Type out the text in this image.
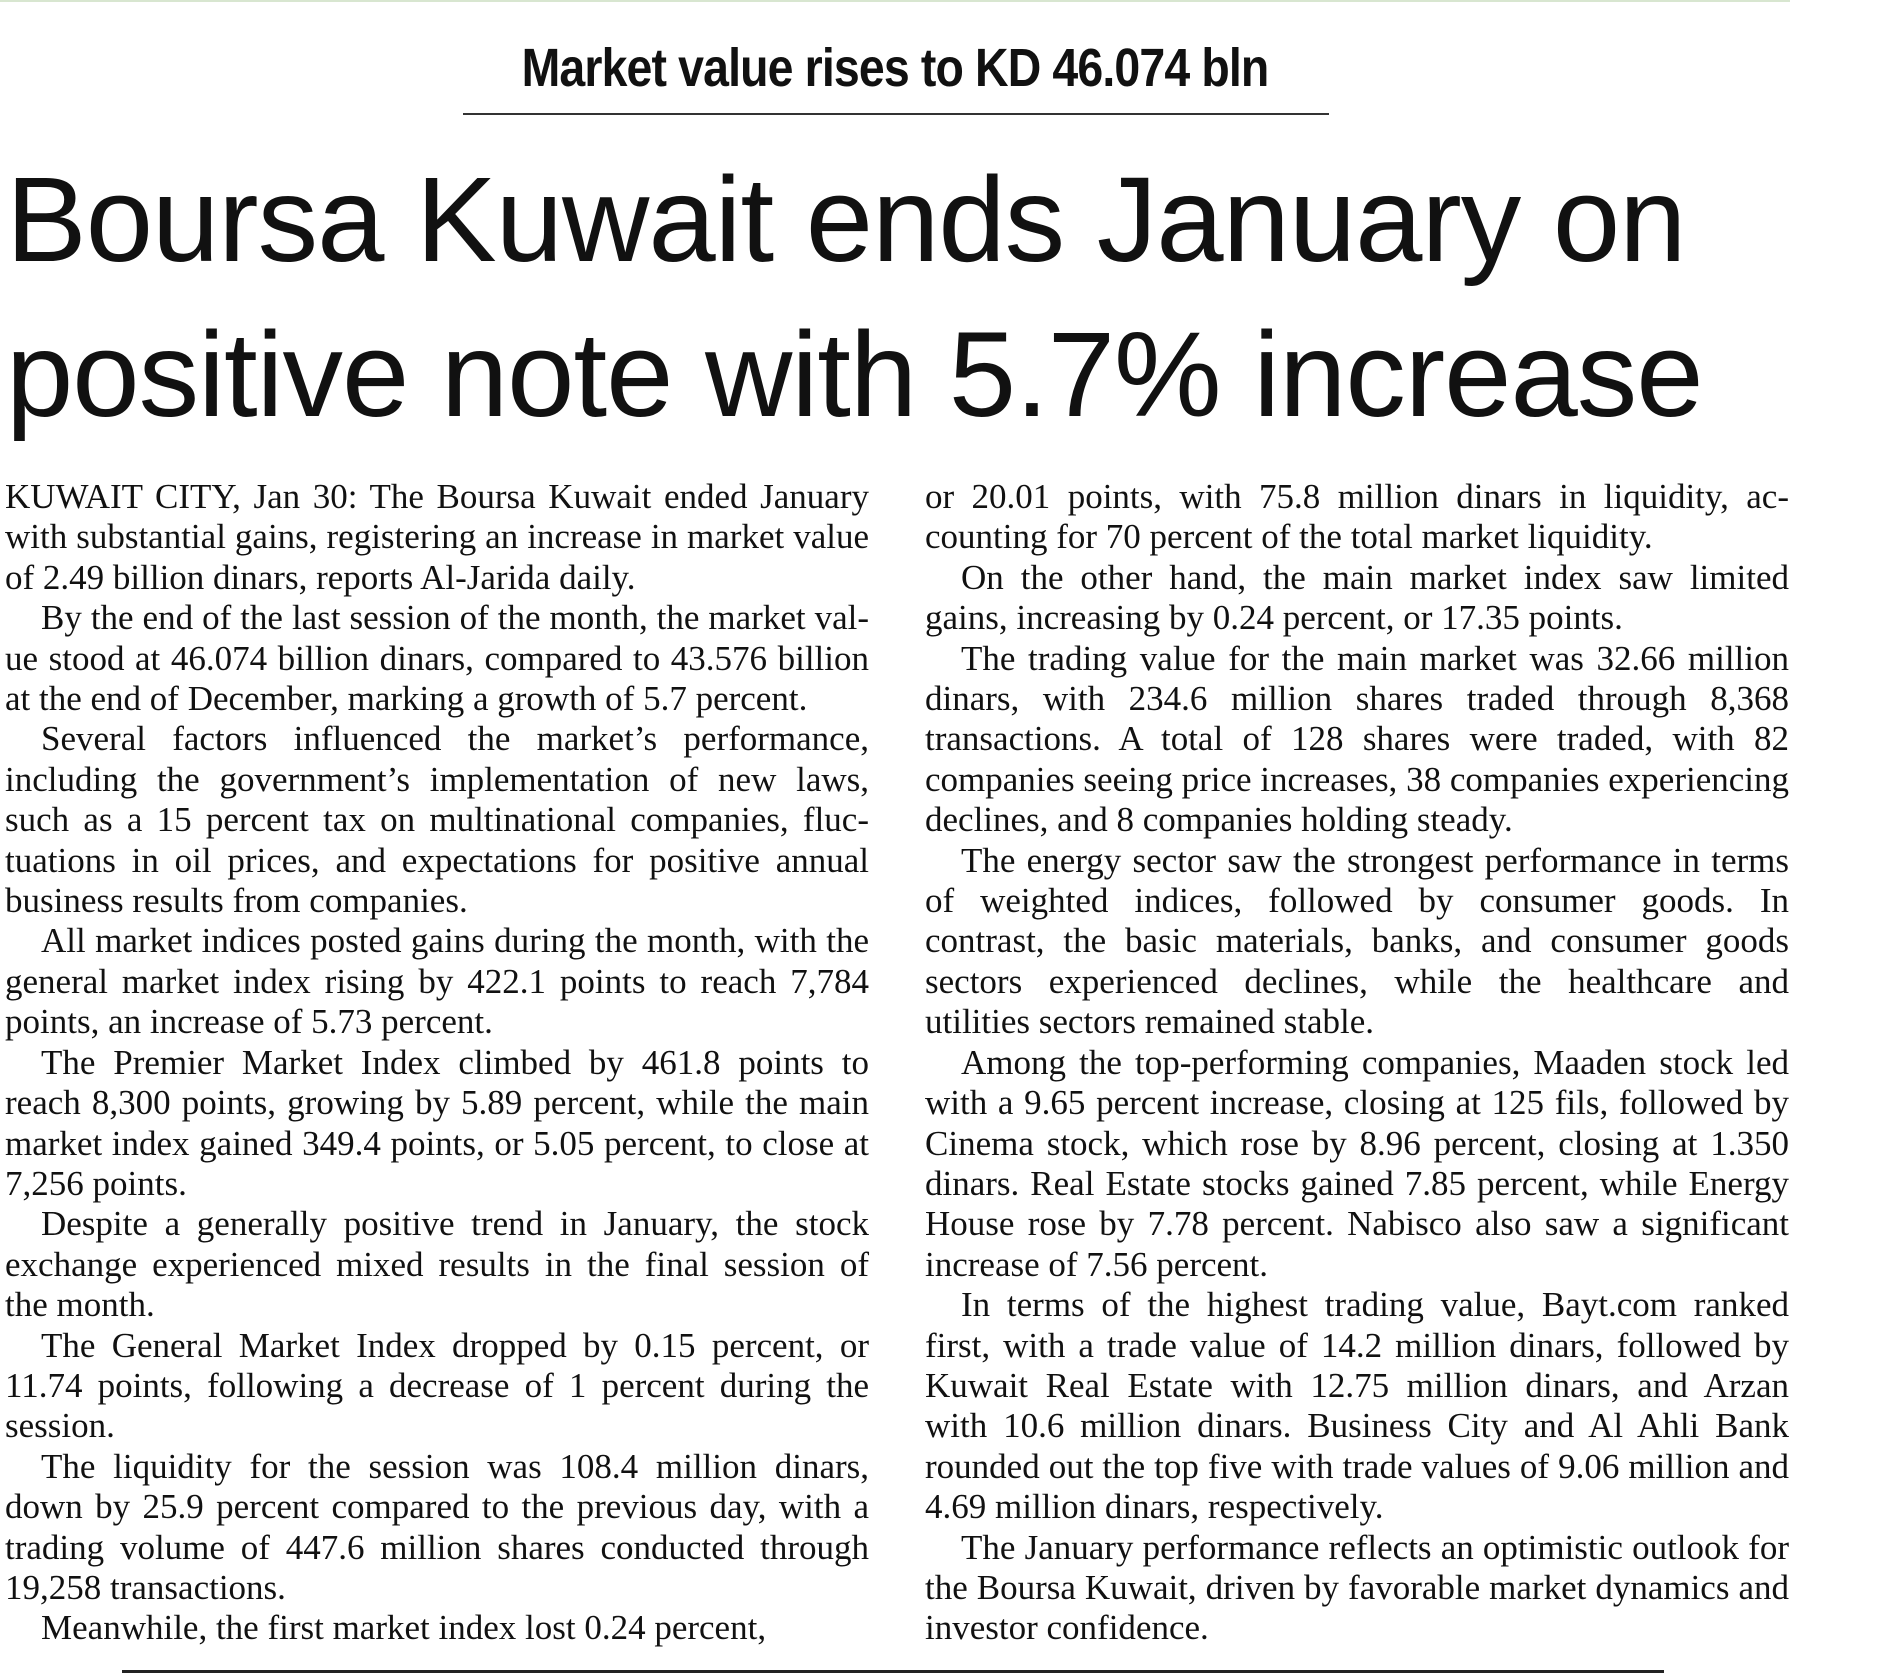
Market value rises to KD 46.074 bln
Boursa Kuwait ends January on
positive note with 5.7% increase

KUWAIT CITY, Jan 30: The Boursa Kuwait ended January with substantial gains, registering an increase in market value of 2.49 billion dinars, reports Al-Jarida daily.

By the end of the last session of the month, the market value stood at 46.074 billion dinars, compared to 43.576 billion at the end of December, marking a growth of 5.7 percent.

Several factors influenced the market’s performance, including the government’s implementation of new laws, such as a 15 percent tax on multinational companies, fluctuations in oil prices, and expectations for positive annual business results from companies.

All market indices posted gains during the month, with the general market index rising by 422.1 points to reach 7,784 points, an increase of 5.73 percent.

The Premier Market Index climbed by 461.8 points to reach 8,300 points, growing by 5.89 percent, while the main market index gained 349.4 points, or 5.05 percent, to close at 7,256 points.

Despite a generally positive trend in January, the stock exchange experienced mixed results in the final session of the month.

The General Market Index dropped by 0.15 percent, or 11.74 points, following a decrease of 1 percent during the session.

The liquidity for the session was 108.4 million dinars, down by 25.9 percent compared to the previous day, with a trading volume of 447.6 million shares conducted through 19,258 transactions.

Meanwhile, the first market index lost 0.24 percent,

or 20.01 points, with 75.8 million dinars in liquidity, accounting for 70 percent of the total market liquidity.

On the other hand, the main market index saw limited gains, increasing by 0.24 percent, or 17.35 points.

The trading value for the main market was 32.66 million dinars, with 234.6 million shares traded through 8,368 transactions. A total of 128 shares were traded, with 82 companies seeing price increases, 38 companies experiencing declines, and 8 companies holding steady.

The energy sector saw the strongest performance in terms of weighted indices, followed by consumer goods. In contrast, the basic materials, banks, and consumer goods sectors experienced declines, while the healthcare and utilities sectors remained stable.

Among the top-performing companies, Maaden stock led with a 9.65 percent increase, closing at 125 fils, followed by Cinema stock, which rose by 8.96 percent, closing at 1.350 dinars. Real Estate stocks gained 7.85 percent, while Energy House rose by 7.78 percent. Nabisco also saw a significant increase of 7.56 percent.

In terms of the highest trading value, Bayt.com ranked first, with a trade value of 14.2 million dinars, followed by Kuwait Real Estate with 12.75 million dinars, and Arzan with 10.6 million dinars. Business City and Al Ahli Bank rounded out the top five with trade values of 9.06 million and 4.69 million dinars, respectively.

The January performance reflects an optimistic outlook for the Boursa Kuwait, driven by favorable market dynamics and investor confidence.
